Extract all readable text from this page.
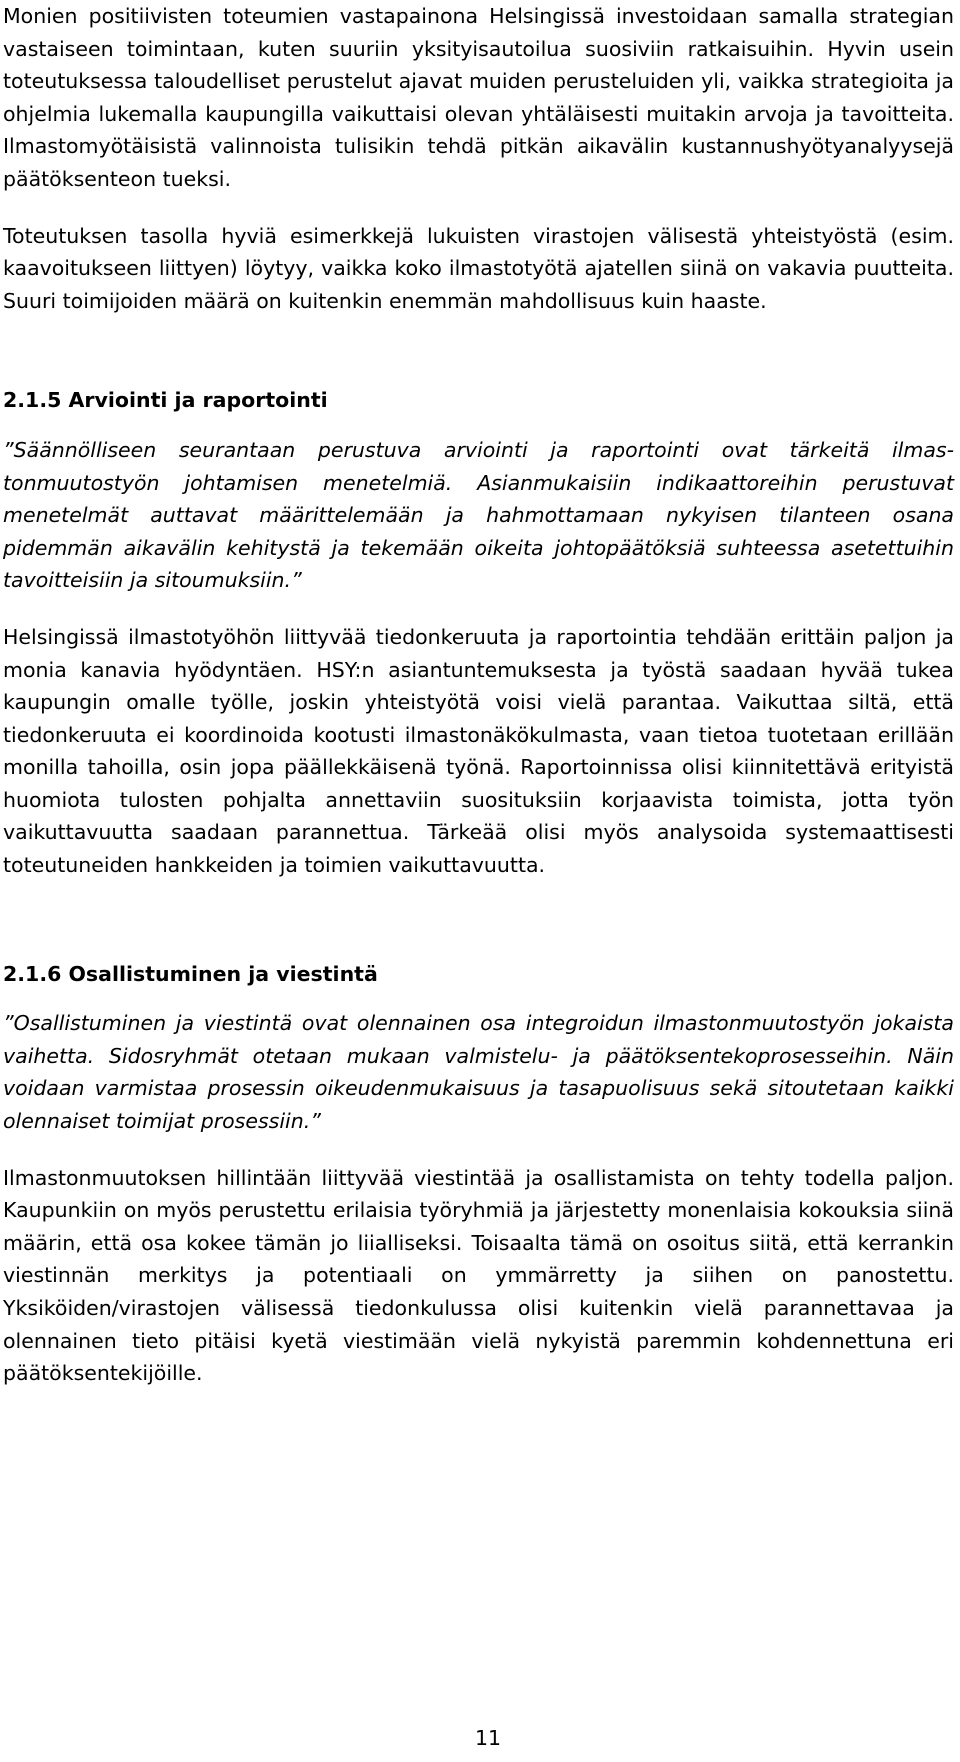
Monien positiivisten toteumien vastapainona Helsingissä investoidaan samalla strategian vastaiseen toimintaan, kuten suuriin yksityisautoiluа suosiviin ratkaisuihin. Hyvin usein toteutuksessa taloudelliset perustelut ajavat muiden perusteluiden yli, vaikka strategioita ja ohjelmia lukemalla kaupungilla vaikuttaisi olevan yhtäläisesti muitakin arvoja ja tavoitteita. Ilmastomyötäisistä valinnoista tulisikin tehdä pitkän aikavälin kustannushyötyanalyysejä päätöksenteon tueksi.

Toteutuksen tasolla hyviä esimerkkejä lukuisten virastojen välisestä yhteistyöstä (esim. kaavoitukseen liittyen) löytyy, vaikka koko ilmastotyötä ajatellen siinä on vakavia puutteita. Suuri toimijoiden määrä on kuitenkin enemmän mahdollisuus kuin haaste.

2.1.5 Arviointi ja raportointi

”Säännölliseen seurantaan perustuva arviointi ja raportointi ovat tärkeitä ilmastonmuutostyön johtamisen menetelmiä. Asianmukaisiin indikaattoreihin perustuvat menetelmät auttavat määrittelemään ja hahmottamaan nykyisen tilanteen osana pidemmän aikavälin kehitystä ja tekemään oikeita johtopäätöksiä suhteessa asetettuihin tavoitteisiin ja sitoumuksiin.”

Helsingissä ilmastotyöhön liittyvää tiedonkeruuta ja raportointia tehdään erittäin paljon ja monia kanavia hyödyntäen. HSY:n asiantuntemuksesta ja työstä saadaan hyvää tukea kaupungin omalle työlle, joskin yhteistyötä voisi vielä parantaa. Vaikuttaa siltä, että tiedonkeruuta ei koordinoida kootusti ilmastonäkökulmasta, vaan tietoa tuotetaan erillään monilla tahoilla, osin jopa päällekkäisenä työnä. Raportoinnissa olisi kiinnitettävä erityistä huomiota tulosten pohjalta annettaviin suosituksiin korjaavista toimista, jotta työn vaikuttavuutta saadaan parannettua. Tärkeää olisi myös analysoida systemaattisesti toteutuneiden hankkeiden ja toimien vaikuttavuutta.

2.1.6 Osallistuminen ja viestintä

”Osallistuminen ja viestintä ovat olennainen osa integroidun ilmastonmuutostyön jokaista vaihetta. Sidosryhmät otetaan mukaan valmistelu- ja päätöksentekoprosesseihin. Näin voidaan varmistaa prosessin oikeudenmukaisuus ja tasapuolisuus sekä sitoutetaan kaikki olennaiset toimijat prosessiin.”

Ilmastonmuutoksen hillintään liittyvää viestintää ja osallistamista on tehty todella paljon. Kaupunkiin on myös perustettu erilaisia työryhmiä ja järjestetty monenlaisia kokouksia siinä määrin, että osa kokee tämän jo liialliseksi. Toisaalta tämä on osoitus siitä, että kerrankin viestinnän merkitys ja potentiaali on ymmärretty ja siihen on panostettu. Yksiköiden/virastojen välisessä tiedonkulussa olisi kuitenkin vielä parannettavaa ja olennainen tieto pitäisi kyetä viestimään vielä nykyistä paremmin kohdennettuna eri päätöksentekijöille.

11
